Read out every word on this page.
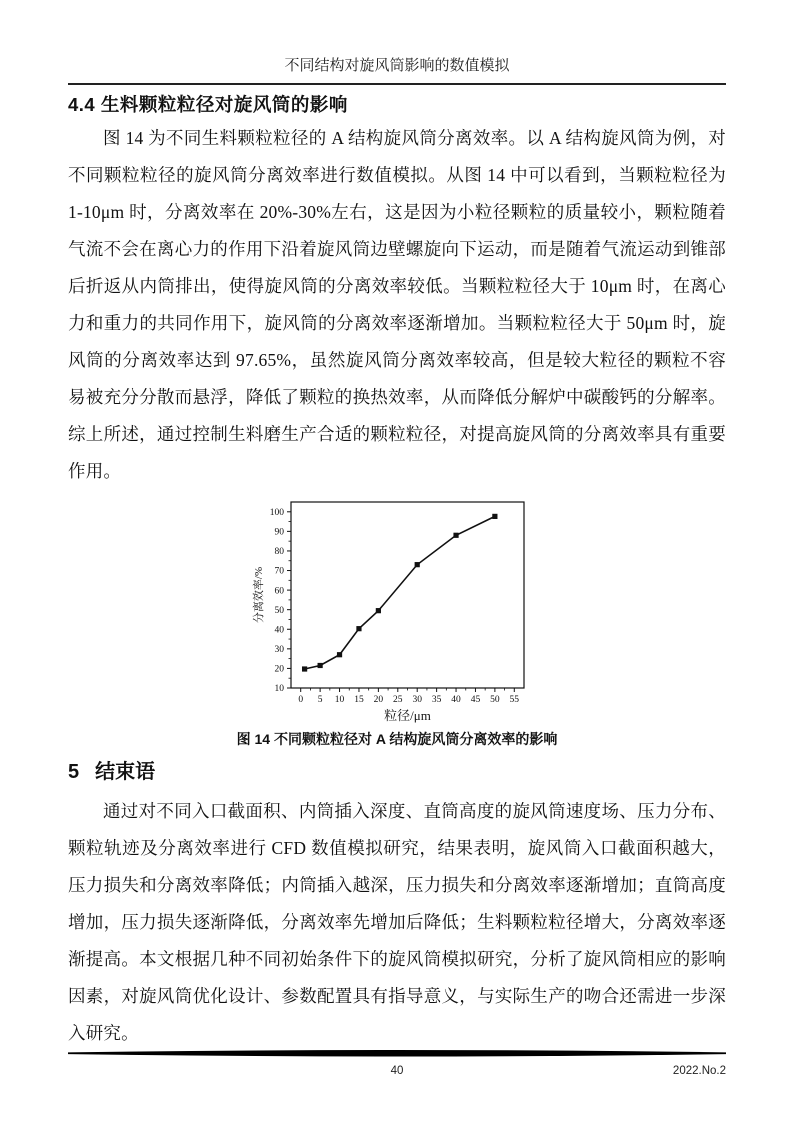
不同结构对旋风筒影响的数值模拟
4.4 生料颗粒粒径对旋风筒的影响

图 14 为不同生料颗粒粒径的 A 结构旋风筒分离效率。以 A 结构旋风筒为例，对不同颗粒粒径的旋风筒分离效率进行数值模拟。从图 14 中可以看到，当颗粒粒径为 1-10μm 时，分离效率在 20%-30%左右，这是因为小粒径颗粒的质量较小，颗粒随着气流不会在离心力的作用下沿着旋风筒边壁螺旋向下运动，而是随着气流运动到锥部后折返从内筒排出，使得旋风筒的分离效率较低。当颗粒粒径大于 10μm 时，在离心力和重力的共同作用下，旋风筒的分离效率逐渐增加。当颗粒粒径大于 50μm 时，旋风筒的分离效率达到 97.65%，虽然旋风筒分离效率较高，但是较大粒径的颗粒不容易被充分分散而悬浮，降低了颗粒的换热效率，从而降低分解炉中碳酸钙的分解率。综上所述，通过控制生料磨生产合适的颗粒粒径，对提高旋风筒的分离效率具有重要作用。

0 5 10 15 20 25 30 35 40 45 50 55
10
20
30
40
50
60
70
80
90
100
粒径/μm
分离效率/%
图 14 不同颗粒粒径对 A 结构旋风筒分离效率的影响
5 结束语

通过对不同入口截面积、内筒插入深度、直筒高度的旋风筒速度场、压力分布、颗粒轨迹及分离效率进行 CFD 数值模拟研究，结果表明，旋风筒入口截面积越大，压力损失和分离效率降低；内筒插入越深，压力损失和分离效率逐渐增加；直筒高度增加，压力损失逐渐降低，分离效率先增加后降低；生料颗粒粒径增大，分离效率逐渐提高。本文根据几种不同初始条件下的旋风筒模拟研究，分析了旋风筒相应的影响因素，对旋风筒优化设计、参数配置具有指导意义，与实际生产的吻合还需进一步深入研究。

40	2022.No.2
